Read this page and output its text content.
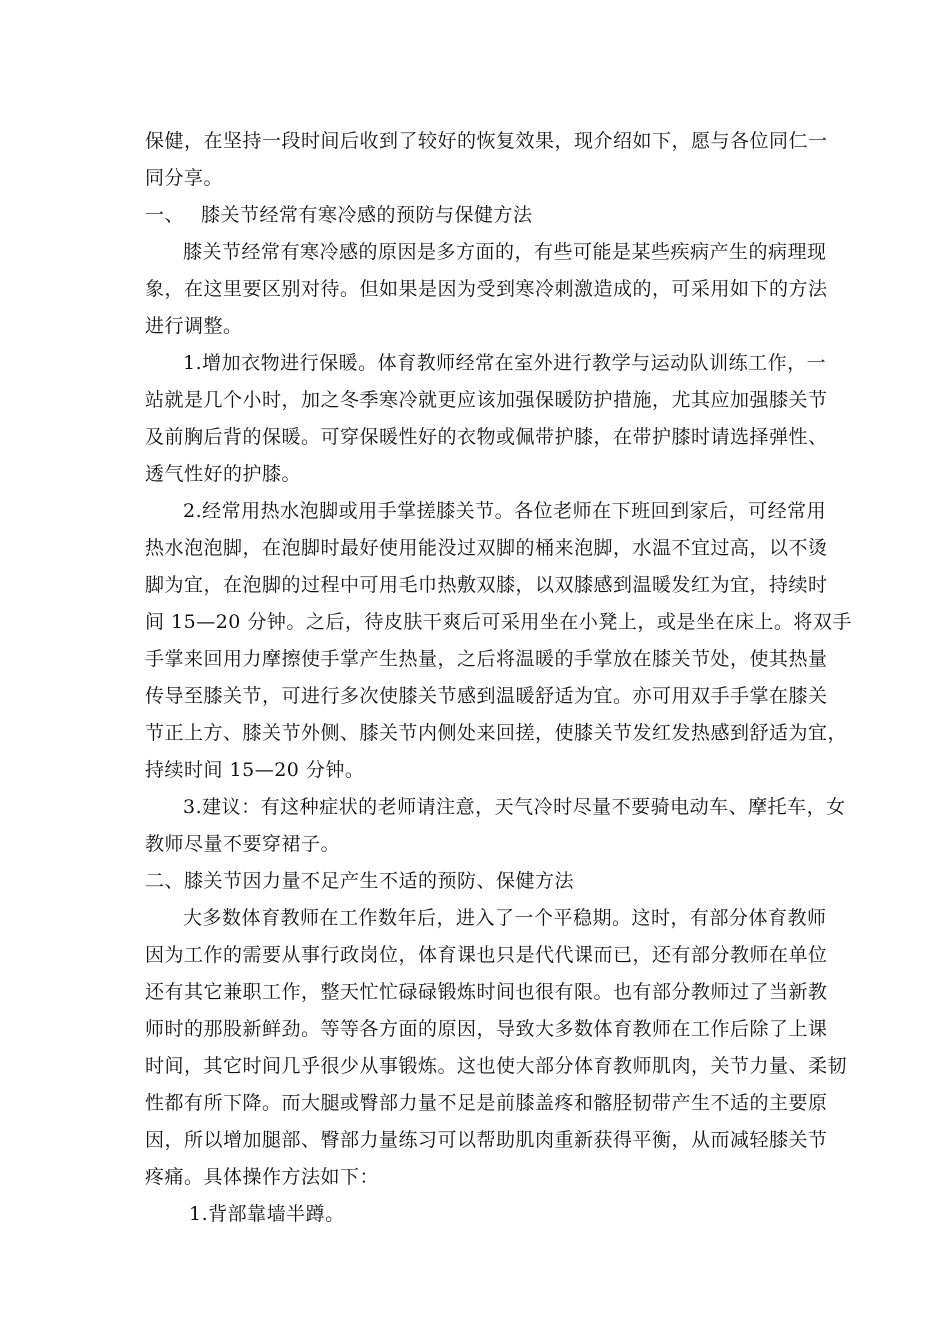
保健，在坚持一段时间后收到了较好的恢复效果，现介绍如下，愿与各位同仁一
同分享。
一、 膝关节经常有寒冷感的预防与保健方法
膝关节经常有寒冷感的原因是多方面的，有些可能是某些疾病产生的病理现
象，在这里要区别对待。但如果是因为受到寒冷刺激造成的，可采用如下的方法
进行调整。
1.增加衣物进行保暖。体育教师经常在室外进行教学与运动队训练工作，一
站就是几个小时，加之冬季寒冷就更应该加强保暖防护措施，尤其应加强膝关节
及前胸后背的保暖。可穿保暖性好的衣物或佩带护膝，在带护膝时请选择弹性、
透气性好的护膝。
2.经常用热水泡脚或用手掌搓膝关节。各位老师在下班回到家后，可经常用
热水泡泡脚，在泡脚时最好使用能没过双脚的桶来泡脚，水温不宜过高，以不烫
脚为宜，在泡脚的过程中可用毛巾热敷双膝，以双膝感到温暖发红为宜，持续时
间 15—20 分钟。之后，待皮肤干爽后可采用坐在小凳上，或是坐在床上。将双手
手掌来回用力摩擦使手掌产生热量，之后将温暖的手掌放在膝关节处，使其热量
传导至膝关节，可进行多次使膝关节感到温暖舒适为宜。亦可用双手手掌在膝关
节正上方、膝关节外侧、膝关节内侧处来回搓，使膝关节发红发热感到舒适为宜，
持续时间 15—20 分钟。
3.建议：有这种症状的老师请注意，天气冷时尽量不要骑电动车、摩托车，女
教师尽量不要穿裙子。
二、膝关节因力量不足产生不适的预防、保健方法
大多数体育教师在工作数年后，进入了一个平稳期。这时，有部分体育教师
因为工作的需要从事行政岗位，体育课也只是代代课而已，还有部分教师在单位
还有其它兼职工作，整天忙忙碌碌锻炼时间也很有限。也有部分教师过了当新教
师时的那股新鲜劲。等等各方面的原因，导致大多数体育教师在工作后除了上课
时间，其它时间几乎很少从事锻炼。这也使大部分体育教师肌肉，关节力量、柔韧
性都有所下降。而大腿或臀部力量不足是前膝盖疼和髂胫韧带产生不适的主要原
因，所以增加腿部、臀部力量练习可以帮助肌肉重新获得平衡，从而减轻膝关节
疼痛。具体操作方法如下：
1.背部靠墙半蹲。
